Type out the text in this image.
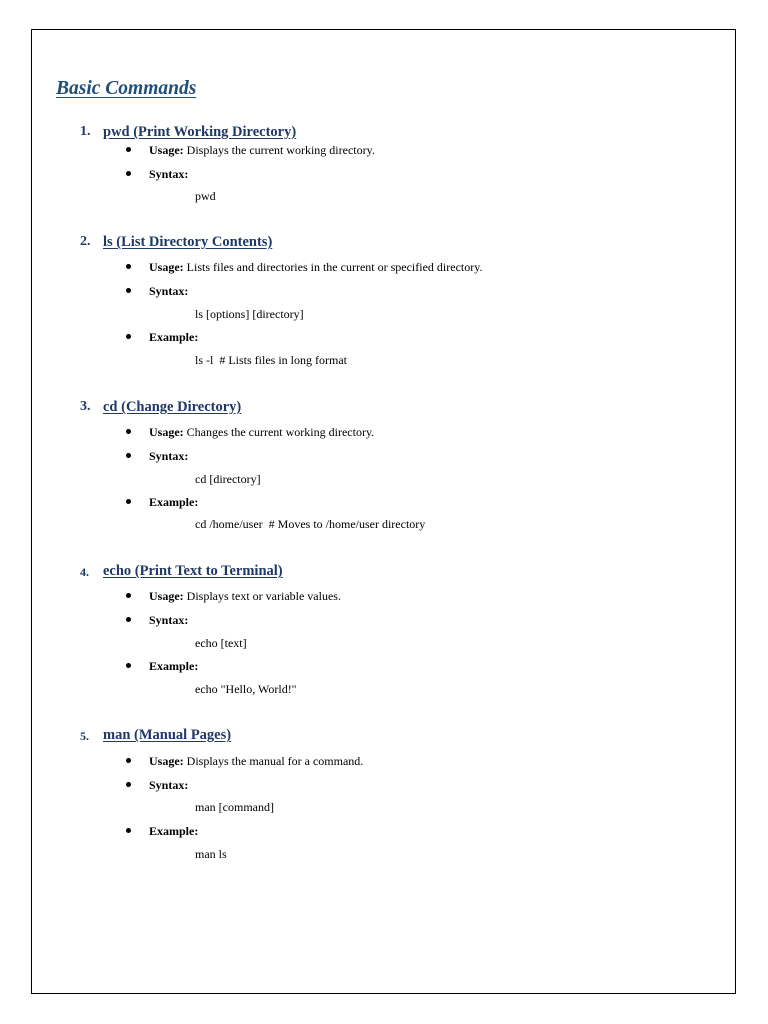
Basic Commands
1. pwd (Print Working Directory)
Usage: Displays the current working directory.
Syntax:
pwd
2. ls (List Directory Contents)
Usage: Lists files and directories in the current or specified directory.
Syntax:
ls [options] [directory]
Example:
ls -l  # Lists files in long format
3. cd (Change Directory)
Usage: Changes the current working directory.
Syntax:
cd [directory]
Example:
cd /home/user  # Moves to /home/user directory
4. echo (Print Text to Terminal)
Usage: Displays text or variable values.
Syntax:
echo [text]
Example:
echo "Hello, World!"
5. man (Manual Pages)
Usage: Displays the manual for a command.
Syntax:
man [command]
Example:
man ls
